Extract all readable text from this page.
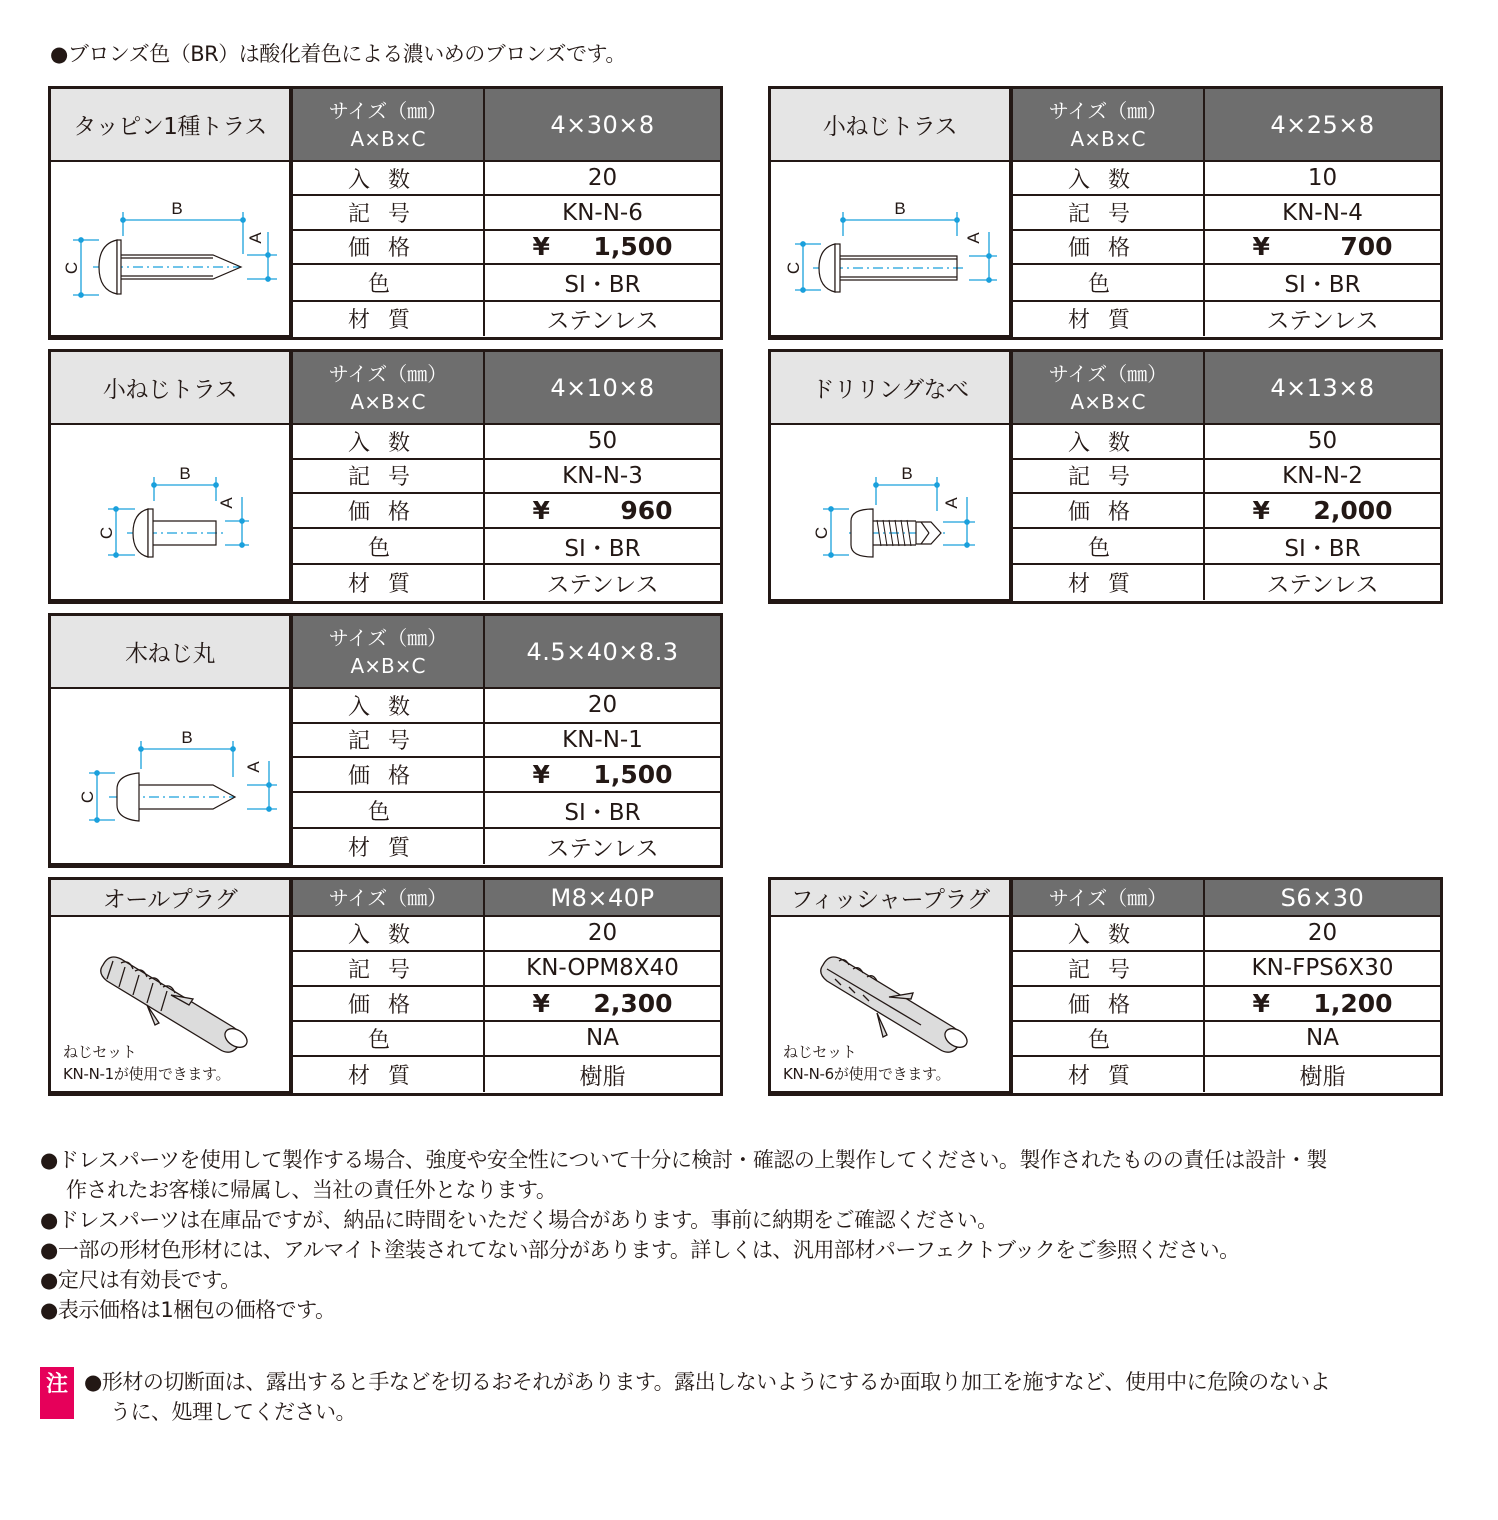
●ブロンズ色（BR）は酸化着色による濃いめのブロンズです。
タッピン1種トラス	サイズ（㎜）
A×B×C	4×30×8

B
C
A	入数	20
	記号	KN-N-6
	価格	¥ 1,500
	色	SI・BR
	材質	ステンレス
小ねじトラス	サイズ（㎜）
A×B×C	4×25×8

B
C
A	入数	10
	記号	KN-N-4
	価格	¥ 700
	色	SI・BR
	材質	ステンレス
小ねじトラス	サイズ（㎜）
A×B×C	4×10×8

B
C
A	入数	50
	記号	KN-N-3
	価格	¥ 960
	色	SI・BR
	材質	ステンレス
ドリリングなべ	サイズ（㎜）
A×B×C	4×13×8

B
C
A	入数	50
	記号	KN-N-2
	価格	¥ 2,000
	色	SI・BR
	材質	ステンレス
木ねじ丸	サイズ（㎜）
A×B×C	4.5×40×8.3

B
C
A	入数	20
	記号	KN-N-1
	価格	¥ 1,500
	色	SI・BR
	材質	ステンレス
オールプラグ	サイズ（㎜）	M8×40P

ねじセット
KN-N-1が使用できます。	入数	20
	記号	KN-OPM8X40
	価格	¥ 2,300
	色	NA
	材質	樹脂
フィッシャープラグ	サイズ（㎜）	S6×30

ねじセット
KN-N-6が使用できます。	入数	20
	記号	KN-FPS6X30
	価格	¥ 1,200
	色	NA
	材質	樹脂
●ドレスパーツを使用して製作する場合、強度や安全性について十分に検討・確認の上製作してください。製作されたものの責任は設計・製
作されたお客様に帰属し、当社の責任外となります。
●ドレスパーツは在庫品ですが、納品に時間をいただく場合があります。事前に納期をご確認ください。
●一部の形材色形材には、アルマイト塗装されてない部分があります。詳しくは、汎用部材パーフェクトブックをご参照ください。
●定尺は有効長です。
●表示価格は1梱包の価格です。
注 ●形材の切断面は、露出すると手などを切るおそれがあります。露出しないようにするか面取り加工を施すなど、使用中に危険のないよ
うに、処理してください。
